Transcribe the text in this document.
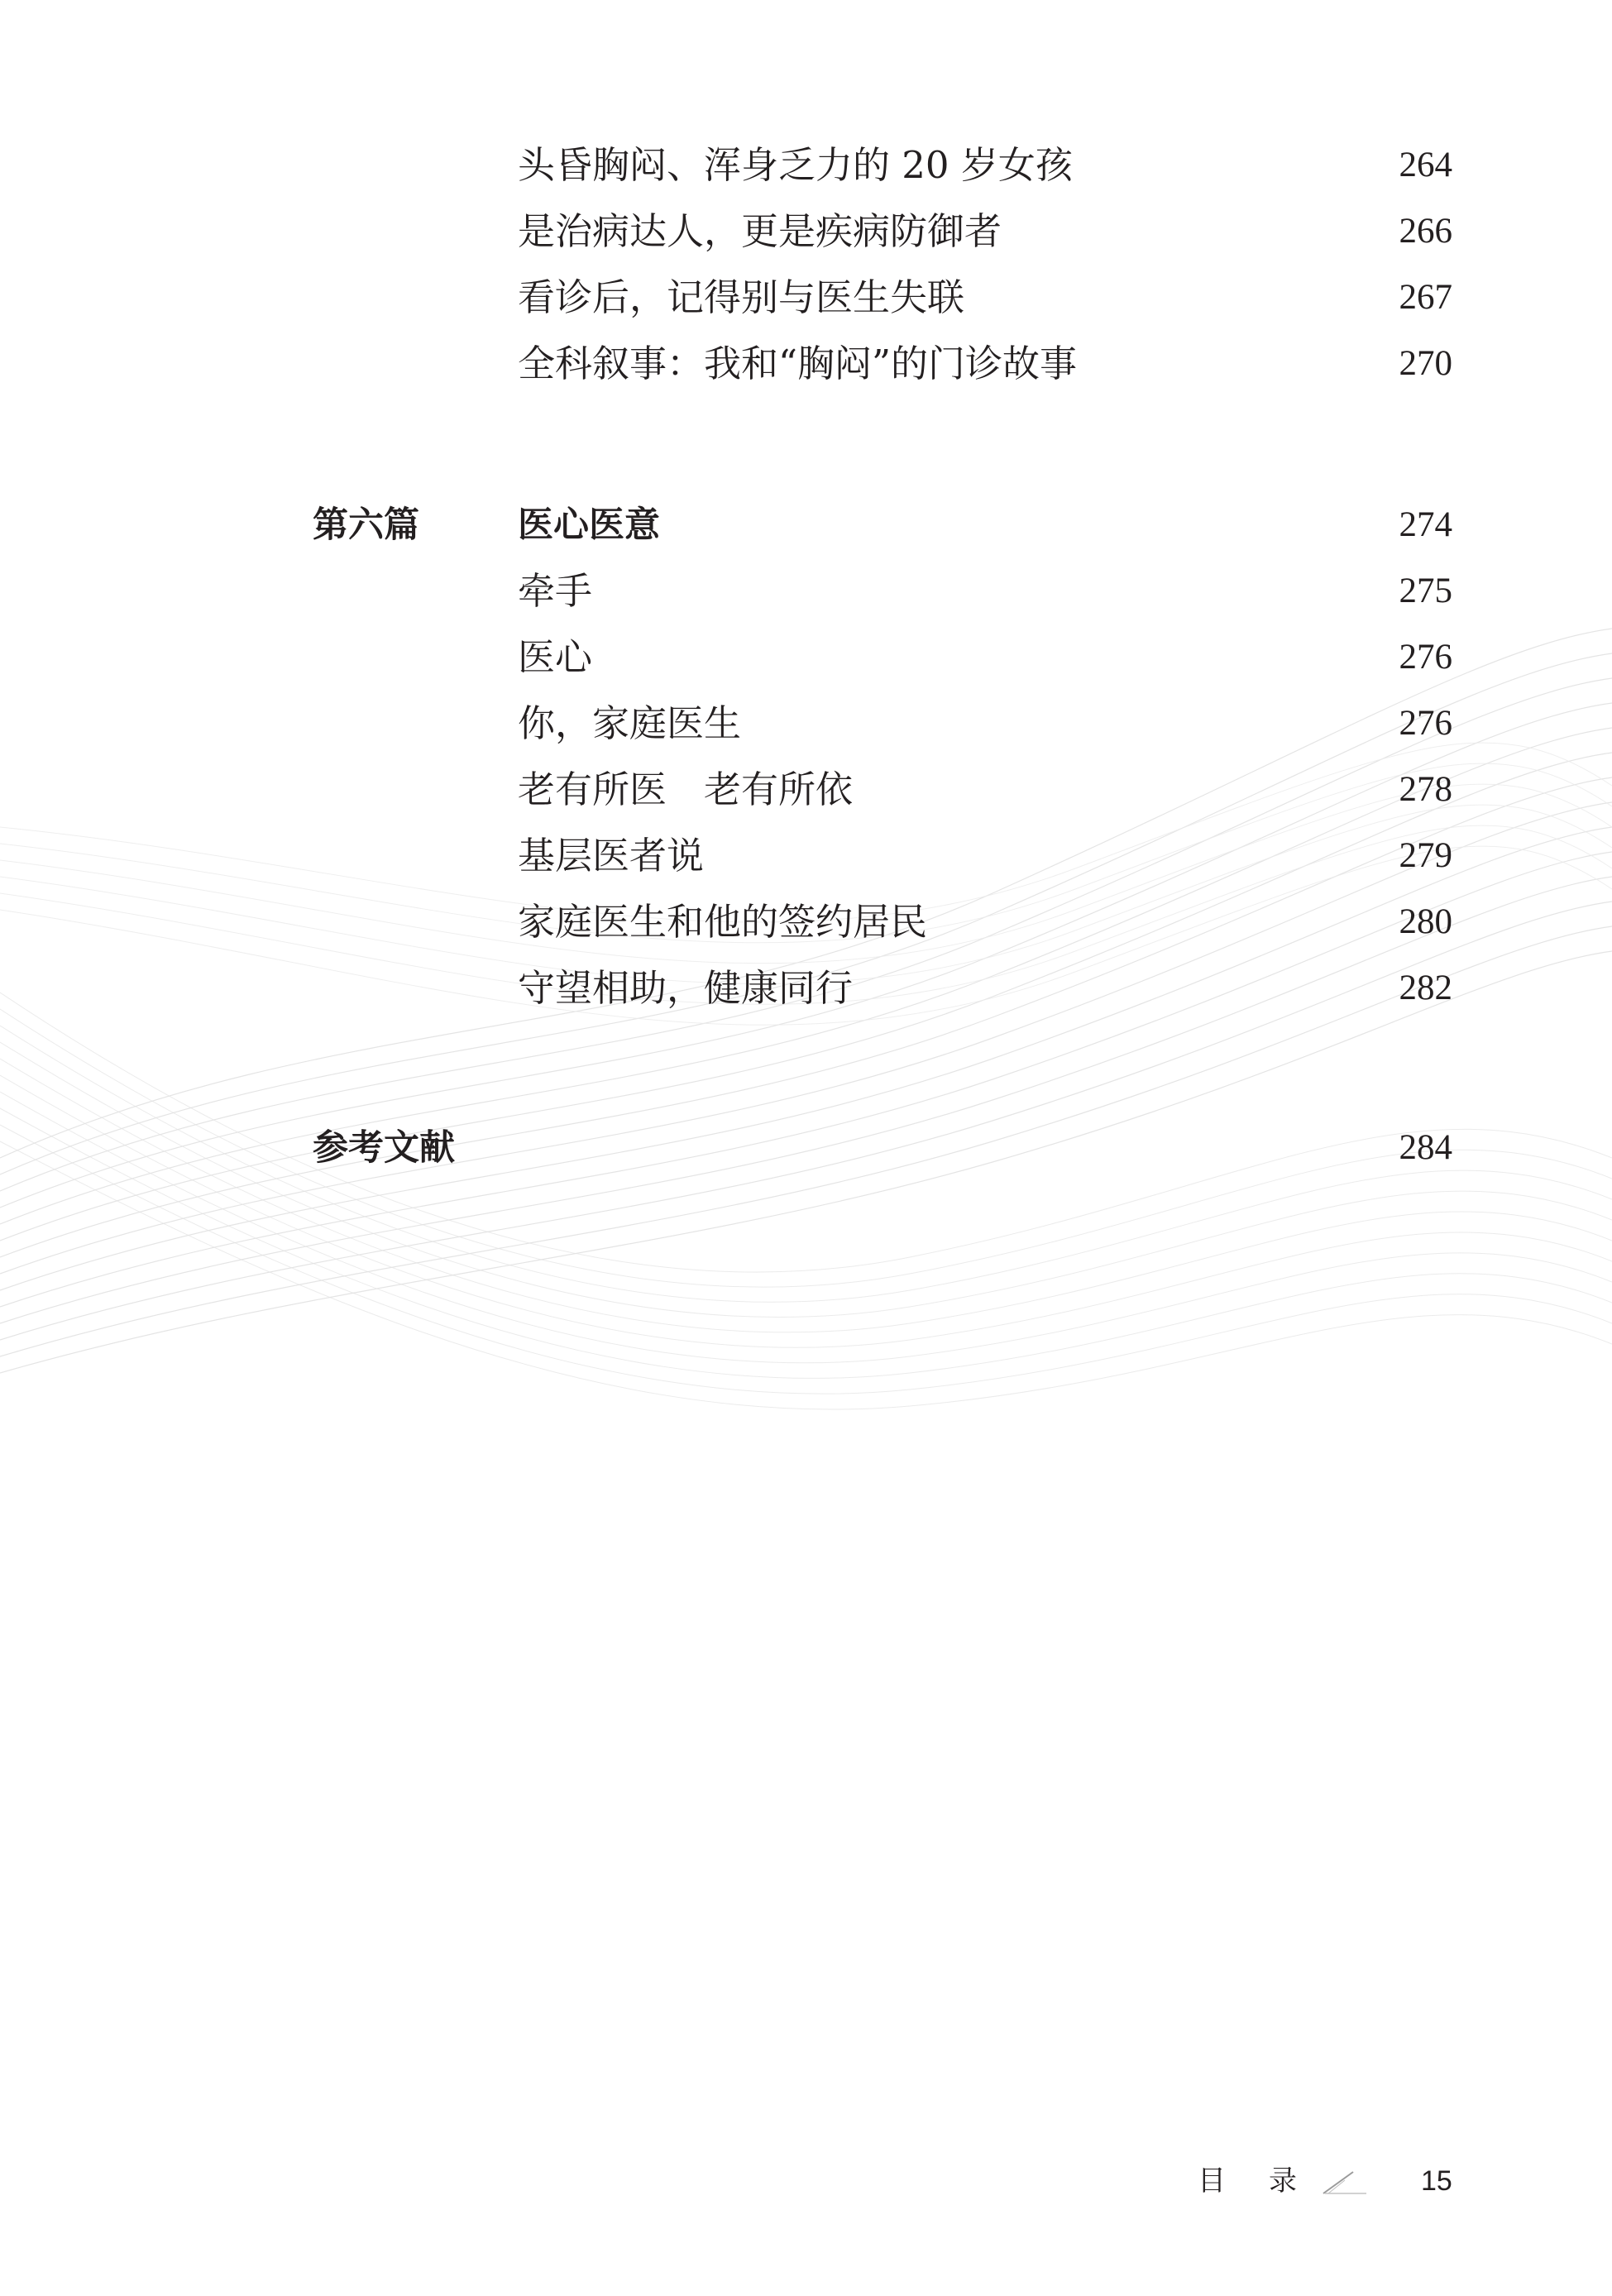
头昏胸闷、浑身乏力的 20 岁女孩	264
是治病达人，更是疾病防御者	266
看诊后，记得别与医生失联	267
全科叙事：我和“胸闷”的门诊故事	270
第六篇	医心医意	274
牵手	275
医心	276
你，家庭医生	276
老有所医　老有所依	278
基层医者说	279
家庭医生和他的签约居民	280
守望相助，健康同行	282
参考文献	284
目录	15
